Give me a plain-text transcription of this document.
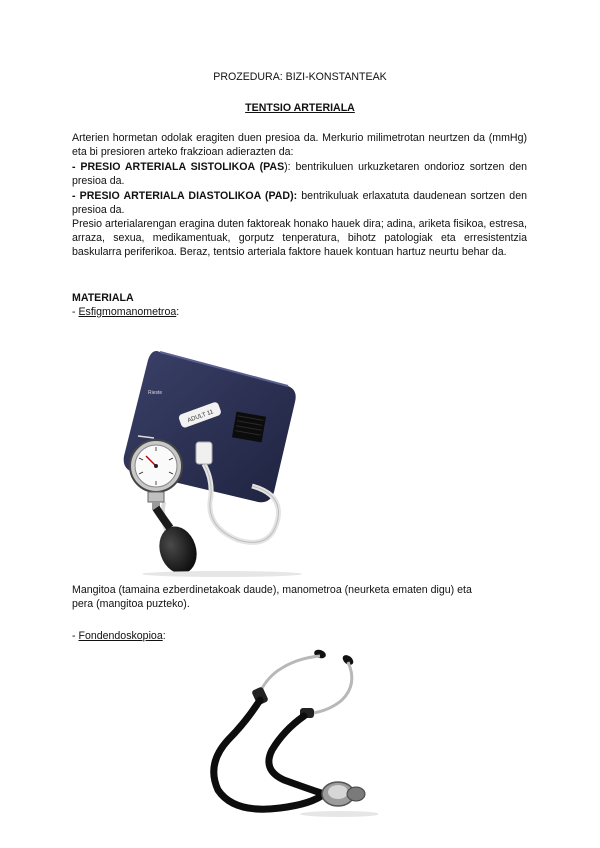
PROZEDURA: BIZI-KONSTANTEAK

TENTSIO ARTERIALA

Arterien hormetan odolak eragiten duen presioa da. Merkurio milimetrotan neurtzen da (mmHg) eta bi presioren arteko frakzioan adierazten da:

- PRESIO ARTERIALA SISTOLIKOA (PAS): bentrikuluen urkuzketaren ondorioz sortzen den presioa da.

- PRESIO ARTERIALA DIASTOLIKOA (PAD): bentrikuluak erlaxatuta daudenean sortzen den presioa da.

Presio arterialarengan eragina duten faktoreak honako hauek dira; adina, ariketa fisikoa, estresa, arraza, sexua, medikamentuak, gorputz tenperatura, bihotz patologiak eta erresistentzia baskularra periferikoa. Beraz, tentsio arteriala faktore hauek kontuan hartuz neurtu behar da.

MATERIALA

- Esfigmomanometroa:

ADULT 11
Rieste

Mangitoa (tamaina ezberdinetakoak daude), manometroa (neurketa ematen digu) eta pera (mangitoa puzteko).

- Fondendoskopioa:
